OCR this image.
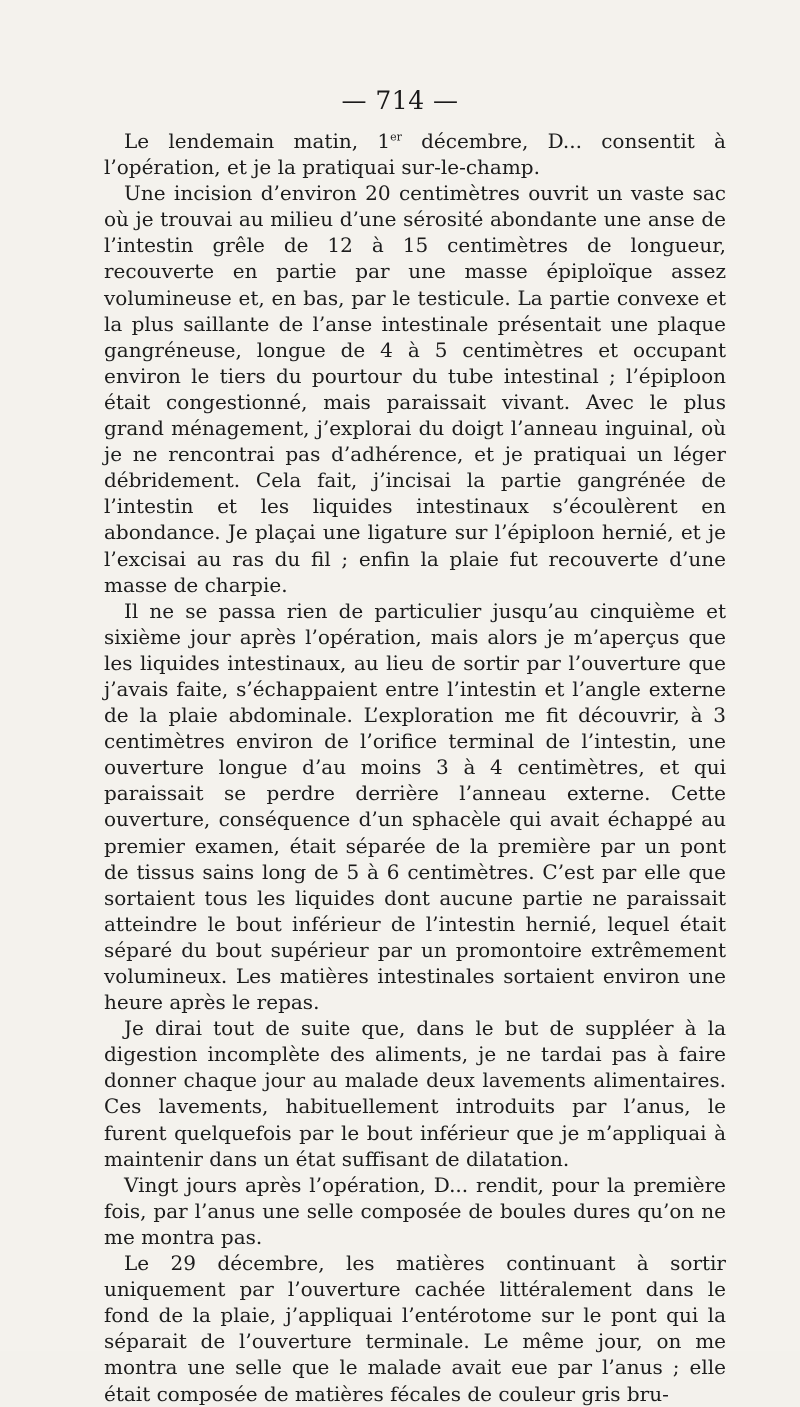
— 714 —

Le lendemain matin, 1er décembre, D... consentit à l’opération, et je la pratiquai sur-le-champ.

Une incision d’environ 20 centimètres ouvrit un vaste sac où je trouvai au milieu d’une sérosité abondante une anse de l’intestin grêle de 12 à 15 centimètres de longueur, recouverte en partie par une masse épiploïque assez volumineuse et, en bas, par le testicule. La partie convexe et la plus saillante de l’anse intestinale présentait une plaque gangréneuse, longue de 4 à 5 centimètres et occupant environ le tiers du pourtour du tube intestinal ; l’épiploon était congestionné, mais paraissait vivant. Avec le plus grand ménagement, j’explorai du doigt l’anneau inguinal, où je ne rencontrai pas d’adhérence, et je pratiquai un léger débridement. Cela fait, j’incisai la partie gangrénée de l’intestin et les liquides intestinaux s’écoulèrent en abondance. Je plaçai une ligature sur l’épiploon hernié, et je l’excisai au ras du fil ; enfin la plaie fut recouverte d’une masse de charpie.

Il ne se passa rien de particulier jusqu’au cinquième et sixième jour après l’opération, mais alors je m’aperçus que les liquides intestinaux, au lieu de sortir par l’ouverture que j’avais faite, s’échappaient entre l’intestin et l’angle externe de la plaie abdominale. L’exploration me fit découvrir, à 3 centimètres environ de l’orifice terminal de l’intestin, une ouverture longue d’au moins 3 à 4 centimètres, et qui paraissait se perdre derrière l’anneau externe. Cette ouverture, conséquence d’un sphacèle qui avait échappé au premier examen, était séparée de la première par un pont de tissus sains long de 5 à 6 centimètres. C’est par elle que sortaient tous les liquides dont aucune partie ne paraissait atteindre le bout inférieur de l’intestin hernié, lequel était séparé du bout supérieur par un promontoire extrêmement volumineux. Les matières intestinales sortaient environ une heure après le repas.

Je dirai tout de suite que, dans le but de suppléer à la digestion incomplète des aliments, je ne tardai pas à faire donner chaque jour au malade deux lavements alimentaires. Ces lavements, habituellement introduits par l’anus, le furent quelquefois par le bout inférieur que je m’appliquai à maintenir dans un état suffisant de dilatation.

Vingt jours après l’opération, D... rendit, pour la première fois, par l’anus une selle composée de boules dures qu’on ne me montra pas.

Le 29 décembre, les matières continuant à sortir uniquement par l’ouverture cachée littéralement dans le fond de la plaie, j’appliquai l’entérotome sur le pont qui la séparait de l’ouverture terminale. Le même jour, on me montra une selle que le malade avait eue par l’anus ; elle était composée de matières fécales de couleur gris bru-
